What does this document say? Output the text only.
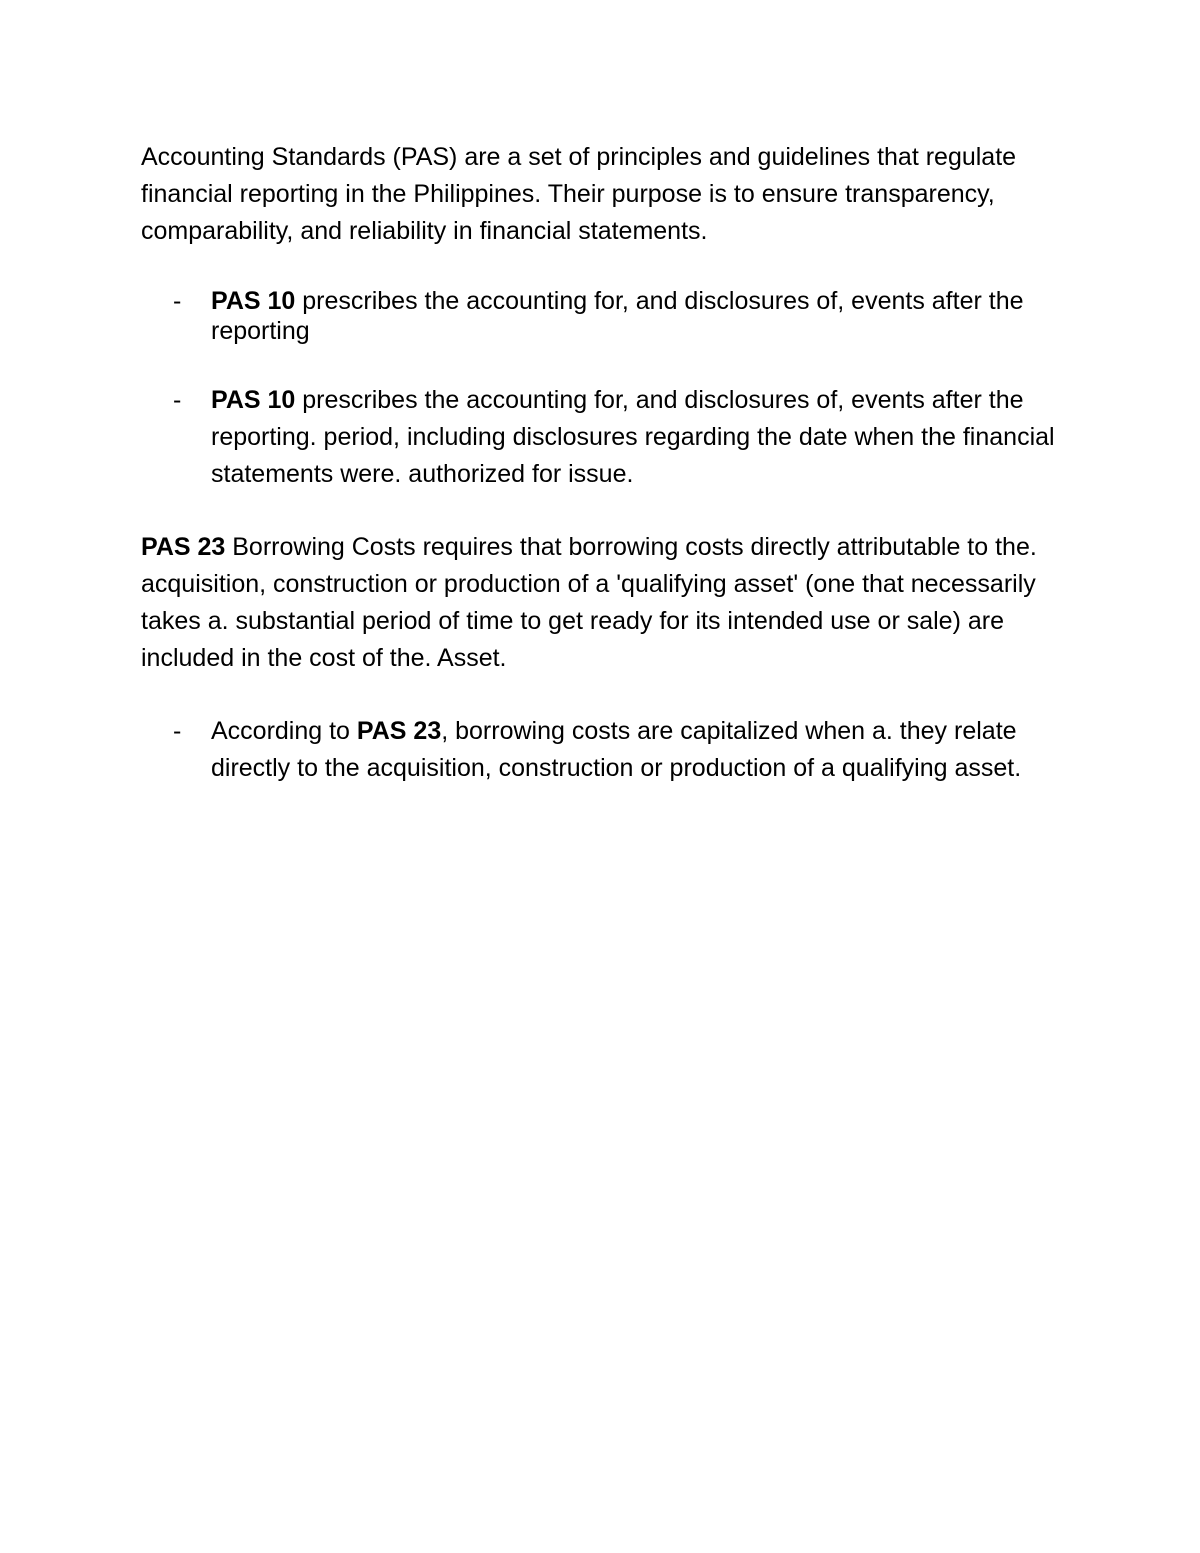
Accounting Standards (PAS) are a set of principles and guidelines that regulate financial reporting in the Philippines. Their purpose is to ensure transparency, comparability, and reliability in financial statements.

- PAS 10 prescribes the accounting for, and disclosures of, events after the reporting
- PAS 10 prescribes the accounting for, and disclosures of, events after the reporting. period, including disclosures regarding the date when the financial statements were. authorized for issue.

PAS 23 Borrowing Costs requires that borrowing costs directly attributable to the. acquisition, construction or production of a 'qualifying asset' (one that necessarily takes a. substantial period of time to get ready for its intended use or sale) are included in the cost of the. Asset.

- According to PAS 23, borrowing costs are capitalized when a. they relate directly to the acquisition, construction or production of a qualifying asset.
